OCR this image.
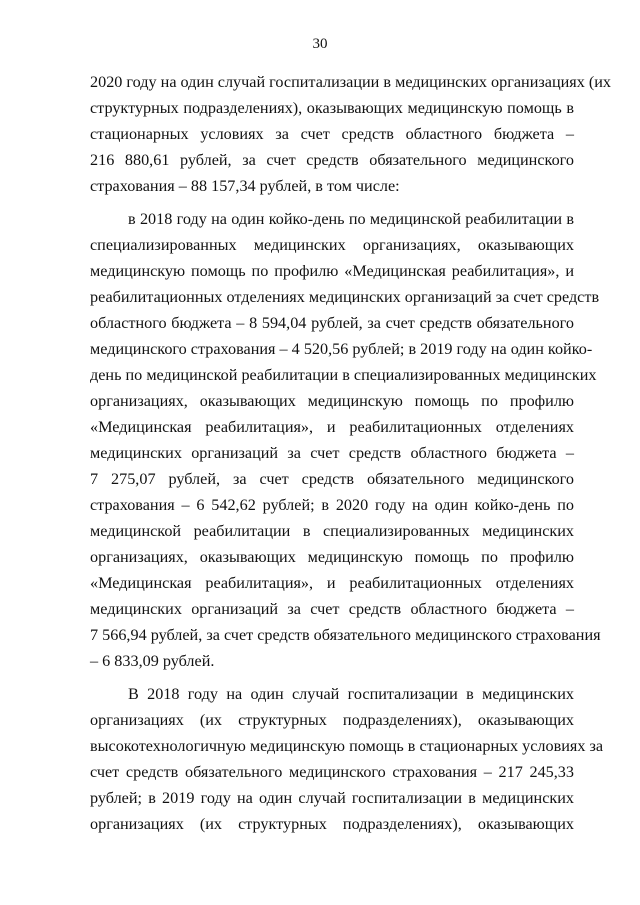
30
2020 году на один случай госпитализации в медицинских организациях (их
структурных подразделениях), оказывающих медицинскую помощь в
стационарных условиях за счет средств областного бюджета –
216 880,61 рублей, за счет средств обязательного медицинского
страхования – 88 157,34 рублей, в том числе:
в 2018 году на один койко-день по медицинской реабилитации в
специализированных медицинских организациях, оказывающих
медицинскую помощь по профилю «Медицинская реабилитация», и
реабилитационных отделениях медицинских организаций за счет средств
областного бюджета – 8 594,04 рублей, за счет средств обязательного
медицинского страхования – 4 520,56 рублей; в 2019 году на один койко-
день по медицинской реабилитации в специализированных медицинских
организациях, оказывающих медицинскую помощь по профилю
«Медицинская реабилитация», и реабилитационных отделениях
медицинских организаций за счет средств областного бюджета –
7 275,07 рублей, за счет средств обязательного медицинского
страхования – 6 542,62 рублей; в 2020 году на один койко-день по
медицинской реабилитации в специализированных медицинских
организациях, оказывающих медицинскую помощь по профилю
«Медицинская реабилитация», и реабилитационных отделениях
медицинских организаций за счет средств областного бюджета –
7 566,94 рублей, за счет средств обязательного медицинского страхования
– 6 833,09 рублей.
В 2018 году на один случай госпитализации в медицинских
организациях (их структурных подразделениях), оказывающих
высокотехнологичную медицинскую помощь в стационарных условиях за
счет средств обязательного медицинского страхования – 217 245,33
рублей; в 2019 году на один случай госпитализации в медицинских
организациях (их структурных подразделениях), оказывающих
